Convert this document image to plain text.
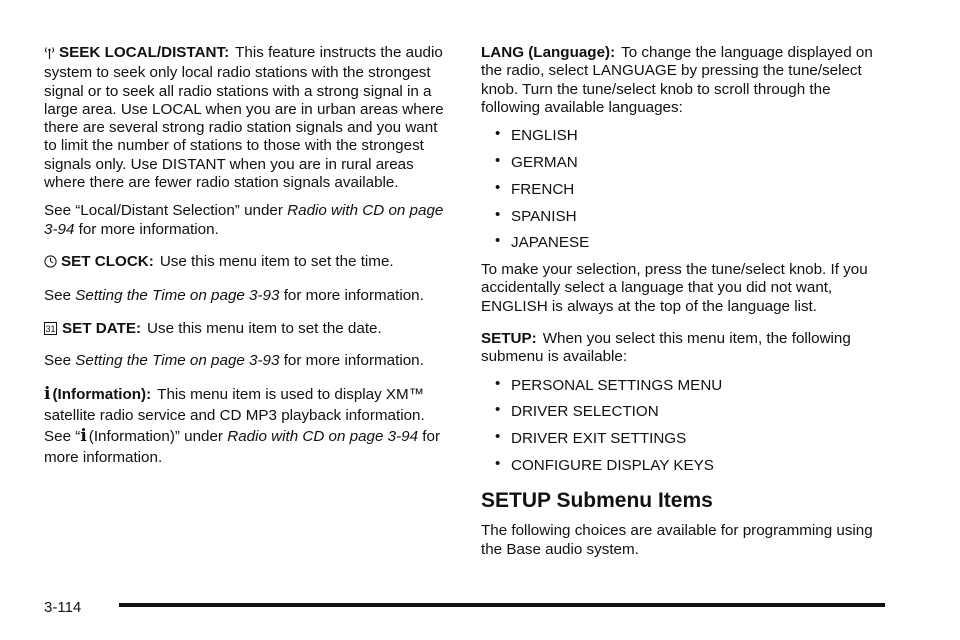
SEEK LOCAL/DISTANT: This feature instructs the audio system to seek only local radio stations with the strongest signal or to seek all radio stations with a strong signal in a large area. Use LOCAL when you are in urban areas where there are several strong radio station signals and you want to limit the number of stations to those with the strongest signals only. Use DISTANT when you are in rural areas where there are fewer radio station signals available.

See “Local/Distant Selection” under Radio with CD on page 3-94 for more information.

SET CLOCK: Use this menu item to set the time.

See Setting the Time on page 3-93 for more information.

31 SET DATE: Use this menu item to set the date.

See Setting the Time on page 3-93 for more information.

i (Information): This menu item is used to display XM™ satellite radio service and CD MP3 playback information. See “i (Information)” under Radio with CD on page 3-94 for more information.

LANG (Language): To change the language displayed on the radio, select LANGUAGE by pressing the tune/select knob. Turn the tune/select knob to scroll through the following available languages:

• ENGLISH
• GERMAN
• FRENCH
• SPANISH
• JAPANESE

To make your selection, press the tune/select knob. If you accidentally select a language that you did not want, ENGLISH is always at the top of the language list.

SETUP: When you select this menu item, the following submenu is available:

• PERSONAL SETTINGS MENU
• DRIVER SELECTION
• DRIVER EXIT SETTINGS
• CONFIGURE DISPLAY KEYS
SETUP Submenu Items

The following choices are available for programming using the Base audio system.

3-114
